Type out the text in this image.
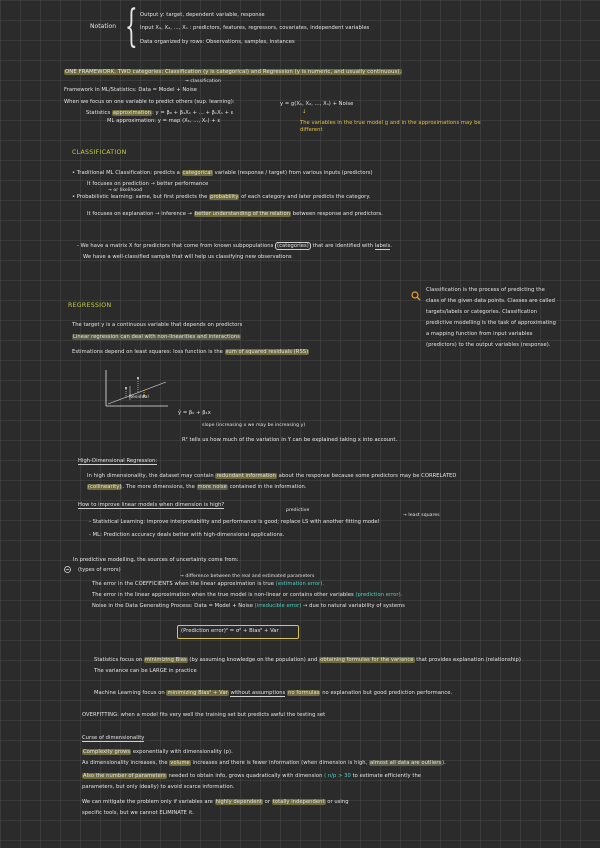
Notation { Output y: target, dependent variable, response
Input X₁, X₂, ..., Xₙ : predictors, features, regressors, covariates, independent variables
Data organized by rows: Observations, samples, instances
ONE FRAMEWORK, TWO categories: Classification (y is categorical) and Regression (y is numeric, and usually continuous).
→ classification
Framework in ML/Statistics: Data = Model + Noise
When we focus on one variable to predict others (sup. learning):	y = g(X₁, X₂, ..., Xₙ) + Noise
Statistics approximation: y = β₀ + β₁X₁ + ... + βₙXₙ + ε
ML approximation: y = map (X₁, ..., Xₙ) + ε
↓
The variables in the true model g and in the approximations may be different
CLASSIFICATION
• Traditional ML Classification: predicts a categorical variable (response / target) from various inputs (predictors)
It focuses on prediction → better performance
→ or likelihood
• Probabilistic learning: same, but first predicts the probability of each category and later predicts the category.
It focuses on explanation → inference → better understanding of the relation between response and predictors.
- We have a matrix X for predictors that come from known subpopulations (categories) that are identified with labels.
We have a well-classified sample that will help us classifying new observations
Classification is the process of predicting the
class of the given data points. Classes are called
targets/labels or categories. Classification
predictive modelling is the task of approximating
a mapping function from input variables
(predictors) to the output variables (response).
REGRESSION
The target y is a continuous variable that depends on predictors
Linear regression can deal with non-linearities and interactions
Estimations depend on least squares: loss function is the sum of squared residuals (RSS)
Residual
ŷ = β₀ + β₁x
slope (increasing x we may be increasing y)
R² tells us how much of the variation in Y can be explained taking x into account.
High-Dimensional Regression:
In high dimensionality, the dataset may contain redundant information about the response because some predictors may be CORRELATED
(collinearity). The more dimensions, the more noise contained in the information.
How to improve linear models when dimension is high?
predictive
→ least squares
- Statistical Learning: improve interpretability and performance is good; replace LS with another fitting model
- ML: Prediction accuracy deals better with high-dimensional applications.
In predictive modelling, the sources of uncertainty come from:
(types of errors)
→ difference between the real and estimated parameters
The error in the COEFFICIENTS when the linear approximation is true (estimation error).
The error in the linear approximation when the true model is non-linear or contains other variables (prediction error).
Noise in the Data Generating Process: Data = Model + Noise (irreducible error) → due to natural variability of systems
(Prediction error)² = σ² + Bias² + Var
Statistics focus on minimizing Bias (by assuming knowledge on the population) and obtaining formulas for the variance that provides explanation (relationship)
The variance can be LARGE in practice
Machine Learning focus on minimizing Bias² + Var without assumptions no formulas no explanation but good prediction performance.
OVERFITTING: when a model fits very well the training set but predicts awful the testing set
Curse of dimensionality
Complexity grows exponentially with dimensionality (p).
As dimensionality increases, the volume increases and there is fewer information (when dimension is high, almost all data are outliers).
Also the number of parameters needed to obtain info, grows quadratically with dimension ( n/p > 30 to estimate efficiently the
parameters, but only ideally) to avoid scarce information.
We can mitigate the problem only if variables are highly dependent or totally independent or using
specific tools, but we cannot ELIMINATE it.
